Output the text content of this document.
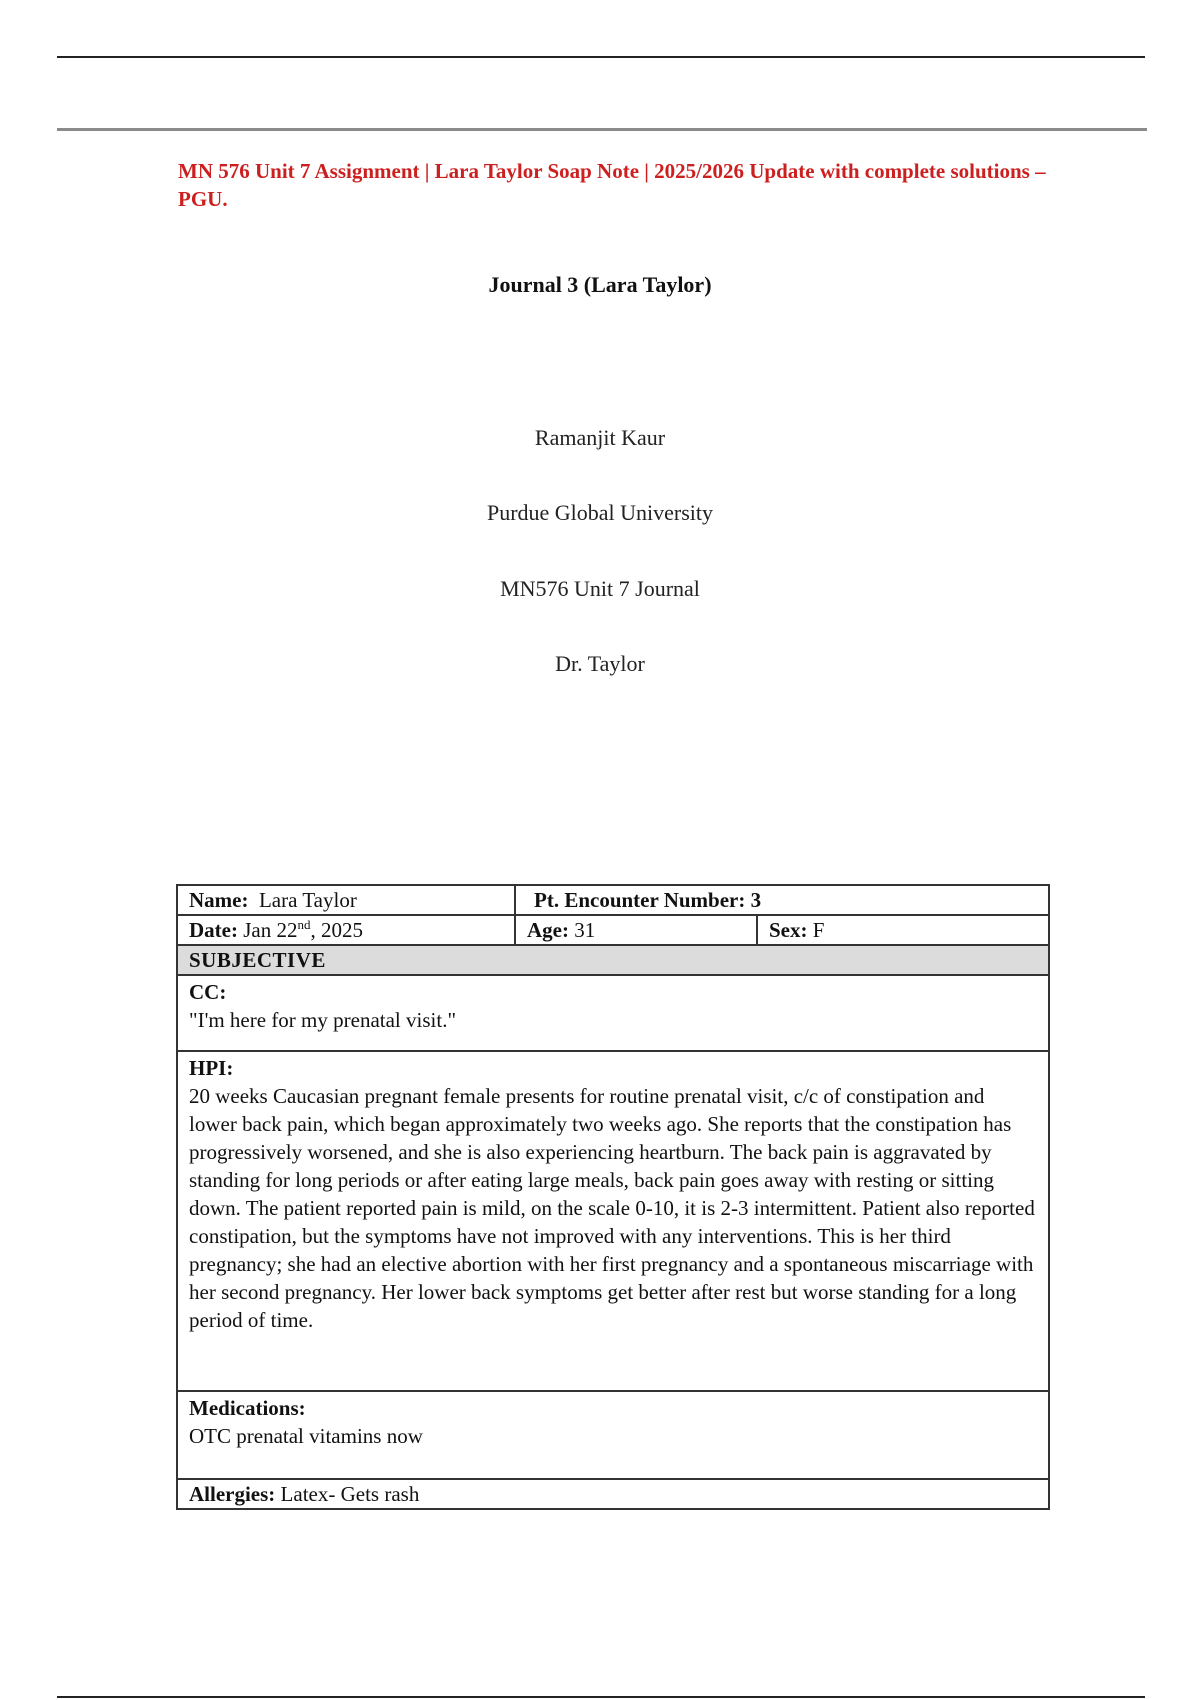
MN 576 Unit 7 Assignment | Lara Taylor Soap Note | 2025/2026 Update with complete solutions – PGU.
Journal 3 (Lara Taylor)
Ramanjit Kaur
Purdue Global University
MN576 Unit 7 Journal
Dr. Taylor
Name: Lara Taylor	Pt. Encounter Number: 3	
Date: Jan 22nd, 2025	Age: 31	Sex: F
SUBJECTIVE		

CC:
"I'm here for my prenatal visit."		

HPI:
20 weeks Caucasian pregnant female presents for routine prenatal visit, c/c of constipation and lower back pain, which began approximately two weeks ago. She reports that the constipation has progressively worsened, and she is also experiencing heartburn. The back pain is aggravated by standing for long periods or after eating large meals, back pain goes away with resting or sitting down. The patient reported pain is mild, on the scale 0-10, it is 2-3 intermittent. Patient also reported constipation, but the symptoms have not improved with any interventions. This is her third pregnancy; she had an elective abortion with her first pregnancy and a spontaneous miscarriage with her second pregnancy. Her lower back symptoms get better after rest but worse standing for a long period of time.		

Medications:
OTC prenatal vitamins now		
Allergies: Latex- Gets rash		
